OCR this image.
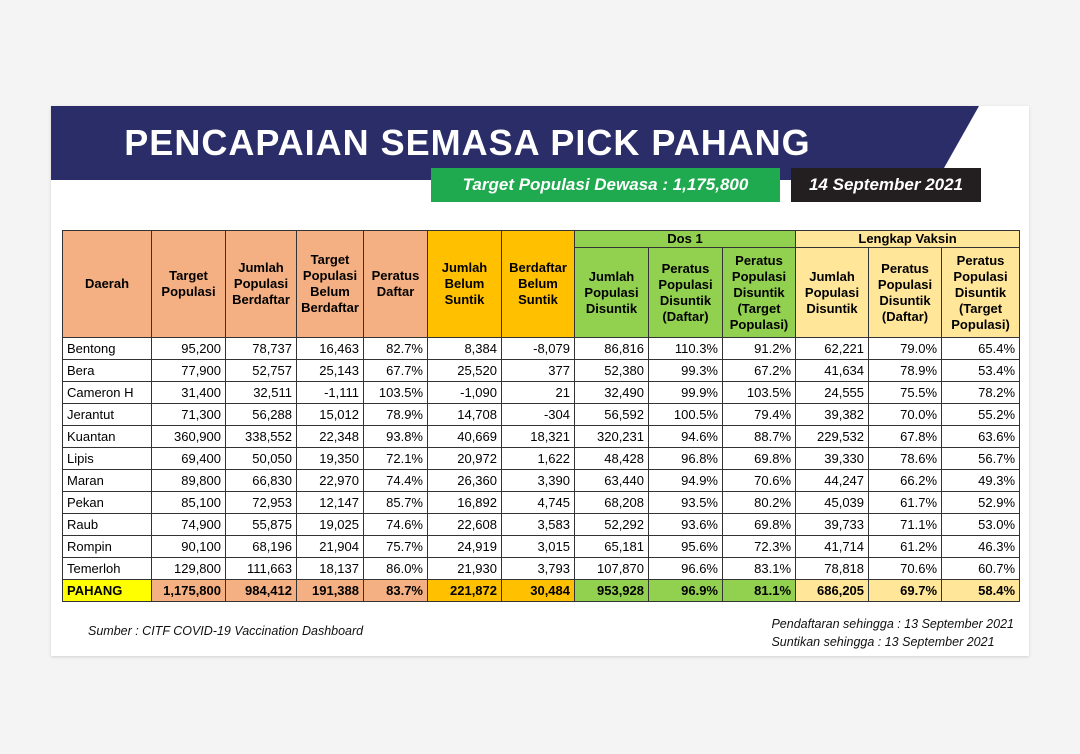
PENCAPAIAN SEMASA PICK PAHANG
Target Populasi Dewasa : 1,175,800	14 September 2021
Daerah	Target Populasi	Jumlah Populasi Berdaftar	Target Populasi Belum Berdaftar	Peratus Daftar	Jumlah Belum Suntik	Berdaftar Belum Suntik	Dos 1			Lengkap Vaksin		
							Jumlah Populasi Disuntik	Peratus Populasi Disuntik (Daftar)	Peratus Populasi Disuntik (Target Populasi)	Jumlah Populasi Disuntik	Peratus Populasi Disuntik (Daftar)	Peratus Populasi Disuntik (Target Populasi)
Bentong	95,200	78,737	16,463	82.7%	8,384	-8,079	86,816	110.3%	91.2%	62,221	79.0%	65.4%
Bera	77,900	52,757	25,143	67.7%	25,520	377	52,380	99.3%	67.2%	41,634	78.9%	53.4%
Cameron H	31,400	32,511	-1,111	103.5%	-1,090	21	32,490	99.9%	103.5%	24,555	75.5%	78.2%
Jerantut	71,300	56,288	15,012	78.9%	14,708	-304	56,592	100.5%	79.4%	39,382	70.0%	55.2%
Kuantan	360,900	338,552	22,348	93.8%	40,669	18,321	320,231	94.6%	88.7%	229,532	67.8%	63.6%
Lipis	69,400	50,050	19,350	72.1%	20,972	1,622	48,428	96.8%	69.8%	39,330	78.6%	56.7%
Maran	89,800	66,830	22,970	74.4%	26,360	3,390	63,440	94.9%	70.6%	44,247	66.2%	49.3%
Pekan	85,100	72,953	12,147	85.7%	16,892	4,745	68,208	93.5%	80.2%	45,039	61.7%	52.9%
Raub	74,900	55,875	19,025	74.6%	22,608	3,583	52,292	93.6%	69.8%	39,733	71.1%	53.0%
Rompin	90,100	68,196	21,904	75.7%	24,919	3,015	65,181	95.6%	72.3%	41,714	61.2%	46.3%
Temerloh	129,800	111,663	18,137	86.0%	21,930	3,793	107,870	96.6%	83.1%	78,818	70.6%	60.7%
PAHANG	1,175,800	984,412	191,388	83.7%	221,872	30,484	953,928	96.9%	81.1%	686,205	69.7%	58.4%
Sumber : CITF COVID-19 Vaccination Dashboard	Pendaftaran sehingga : 13 September 2021
Suntikan sehingga : 13 September 2021
